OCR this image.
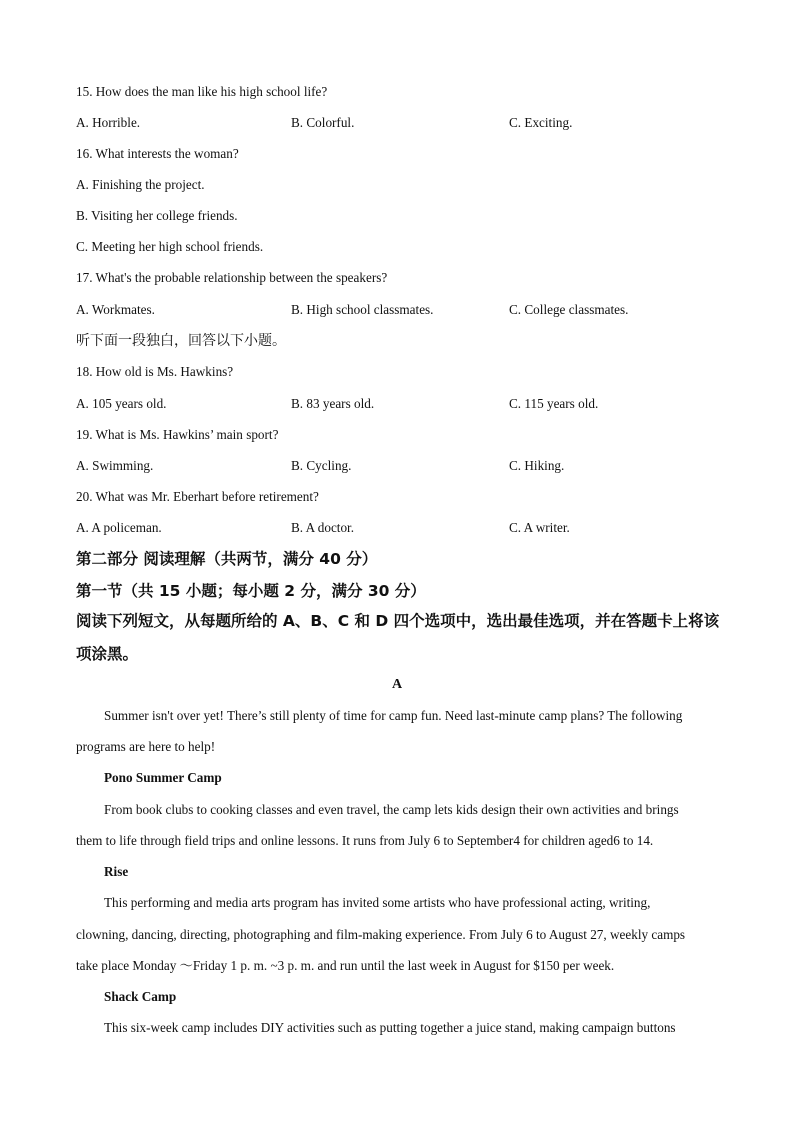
15. How does the man like his high school life?
A. Horrible.	B. Colorful.	C. Exciting.
16. What interests the woman?
A. Finishing the project.
B. Visiting her college friends.
C. Meeting her high school friends.
17. What's the probable relationship between the speakers?
A. Workmates.	B. High school classmates.	C. College classmates.
听下面一段独白，回答以下小题。
18. How old is Ms. Hawkins?
A. 105 years old.	B. 83 years old.	C. 115 years old.
19. What is Ms. Hawkins’ main sport?
A. Swimming.	B. Cycling.	C. Hiking.
20. What was Mr. Eberhart before retirement?
A. A policeman.	B. A doctor.	C. A writer.
第二部分 阅读理解（共两节，满分 40 分）
第一节（共 15 小题；每小题 2 分，满分 30 分）
阅读下列短文，从每题所给的 A、B、C 和 D 四个选项中，选出最佳选项，并在答题卡上将该
项涂黑。
A
Summer isn't over yet! There’s still plenty of time for camp fun. Need last-minute camp plans? The following
programs are here to help!
Pono Summer Camp
From book clubs to cooking classes and even travel, the camp lets kids design their own activities and brings
them to life through field trips and online lessons. It runs from July 6 to September4 for children aged6 to 14.
Rise
This performing and media arts program has invited some artists who have professional acting, writing,
clowning, dancing, directing, photographing and film-making experience. From July 6 to August 27, weekly camps
take place Monday ～Friday 1 p. m. ~3 p. m. and run until the last week in August for $150 per week.
Shack Camp
This six-week camp includes DIY activities such as putting together a juice stand, making campaign buttons
